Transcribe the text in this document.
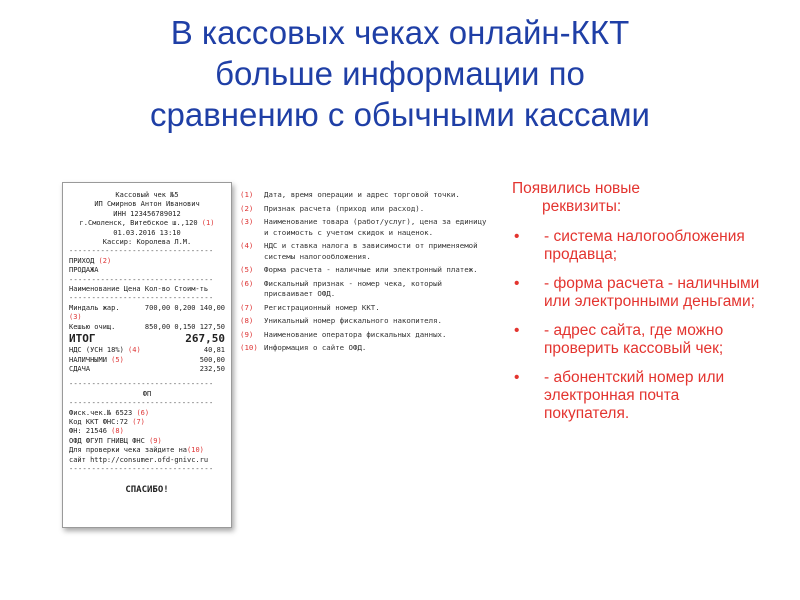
В кассовых чеках онлайн-ККТ
больше информации по
сравнению с обычными кассами
Кассовый чек №5
ИП Смирнов Антон Иванович
ИНН 123456789012
г.Смоленск, Витебское ш.,120 (1)
01.03.2016 13:10
Кассир: Королева Л.М.
--------------------------------
ПРИХОД (2)
ПРОДАЖА
--------------------------------
Наименование Цена Кол-во Стоим-ть
--------------------------------
Миндаль жар.	700,00 0,200 140,00
(3)
Кешью очищ.	850,00 0,150 127,50
ИТОГ	267,50
НДС (УСН 18%) (4)	40,81
НАЛИЧНЫМИ (5)	500,00
СДАЧА	232,50
--------------------------------
ФП
--------------------------------
Фиск.чек.№ 6523 (6)
Код ККТ ФНС:72 (7)
ФН: 21546 (8)
ОФД ФГУП ГНИВЦ ФНС (9)
Для проверки чека зайдите на(10)
сайт http://consumer.ofd-gnivc.ru
--------------------------------
СПАСИБО!
(1)	Дата, время операции и адрес торговой точки.
(2)	Признак расчета (приход или расход).
(3)	Наименование товара (работ/услуг), цена за единицу и стоимость с учетом скидок и наценок.
(4)	НДС и ставка налога в зависимости от применяемой системы налогообложения.
(5)	Форма расчета - наличные или электронный платеж.
(6)	Фискальный признак - номер чека, который присваивает ОФД.
(7)	Регистрационный номер ККТ.
(8)	Уникальный номер фискального накопителя.
(9)	Наименование оператора фискальных данных.
(10) Информация о сайте ОФД.
Появились новые
реквизиты:
•	- система налогообложения продавца;
•	- форма расчета - наличными или электронными деньгами;
•	- адрес сайта, где можно проверить кассовый чек;
•	- абонентский номер или электронная почта покупателя.
